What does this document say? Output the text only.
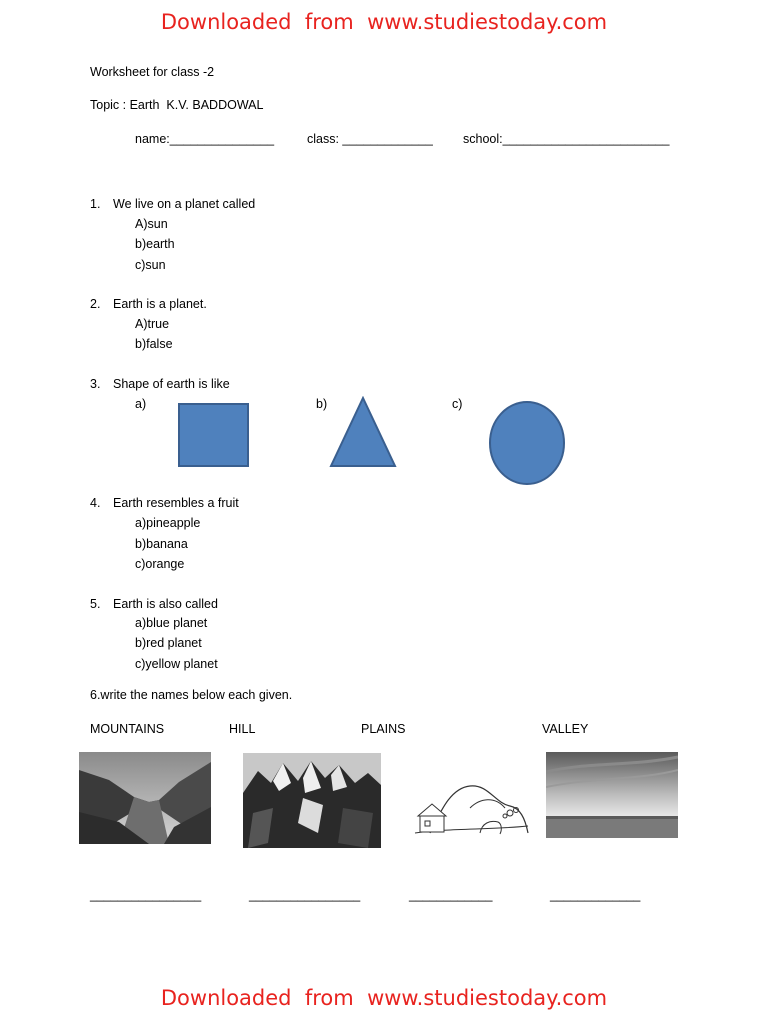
Downloaded  from  www.studiestoday.com
Downloaded  from  www.studiestoday.com
Worksheet for class -2
Topic : Earth  K.V. BADDOWAL
name:_______________	class: _____________ school:________________________
1. We live on a planet called
A)sun
b)earth
c)sun
2. Earth is a planet.
A)true
b)false
3. Shape of earth is like
a)	b)	c)
4. Earth resembles a fruit
a)pineapple
b)banana
c)orange
5. Earth is also called
a)blue planet
b)red planet
c)yellow planet
6.write the names below each given.
MOUNTAINS	HILL	PLAINS	VALLEY
________________	________________	____________	_____________
